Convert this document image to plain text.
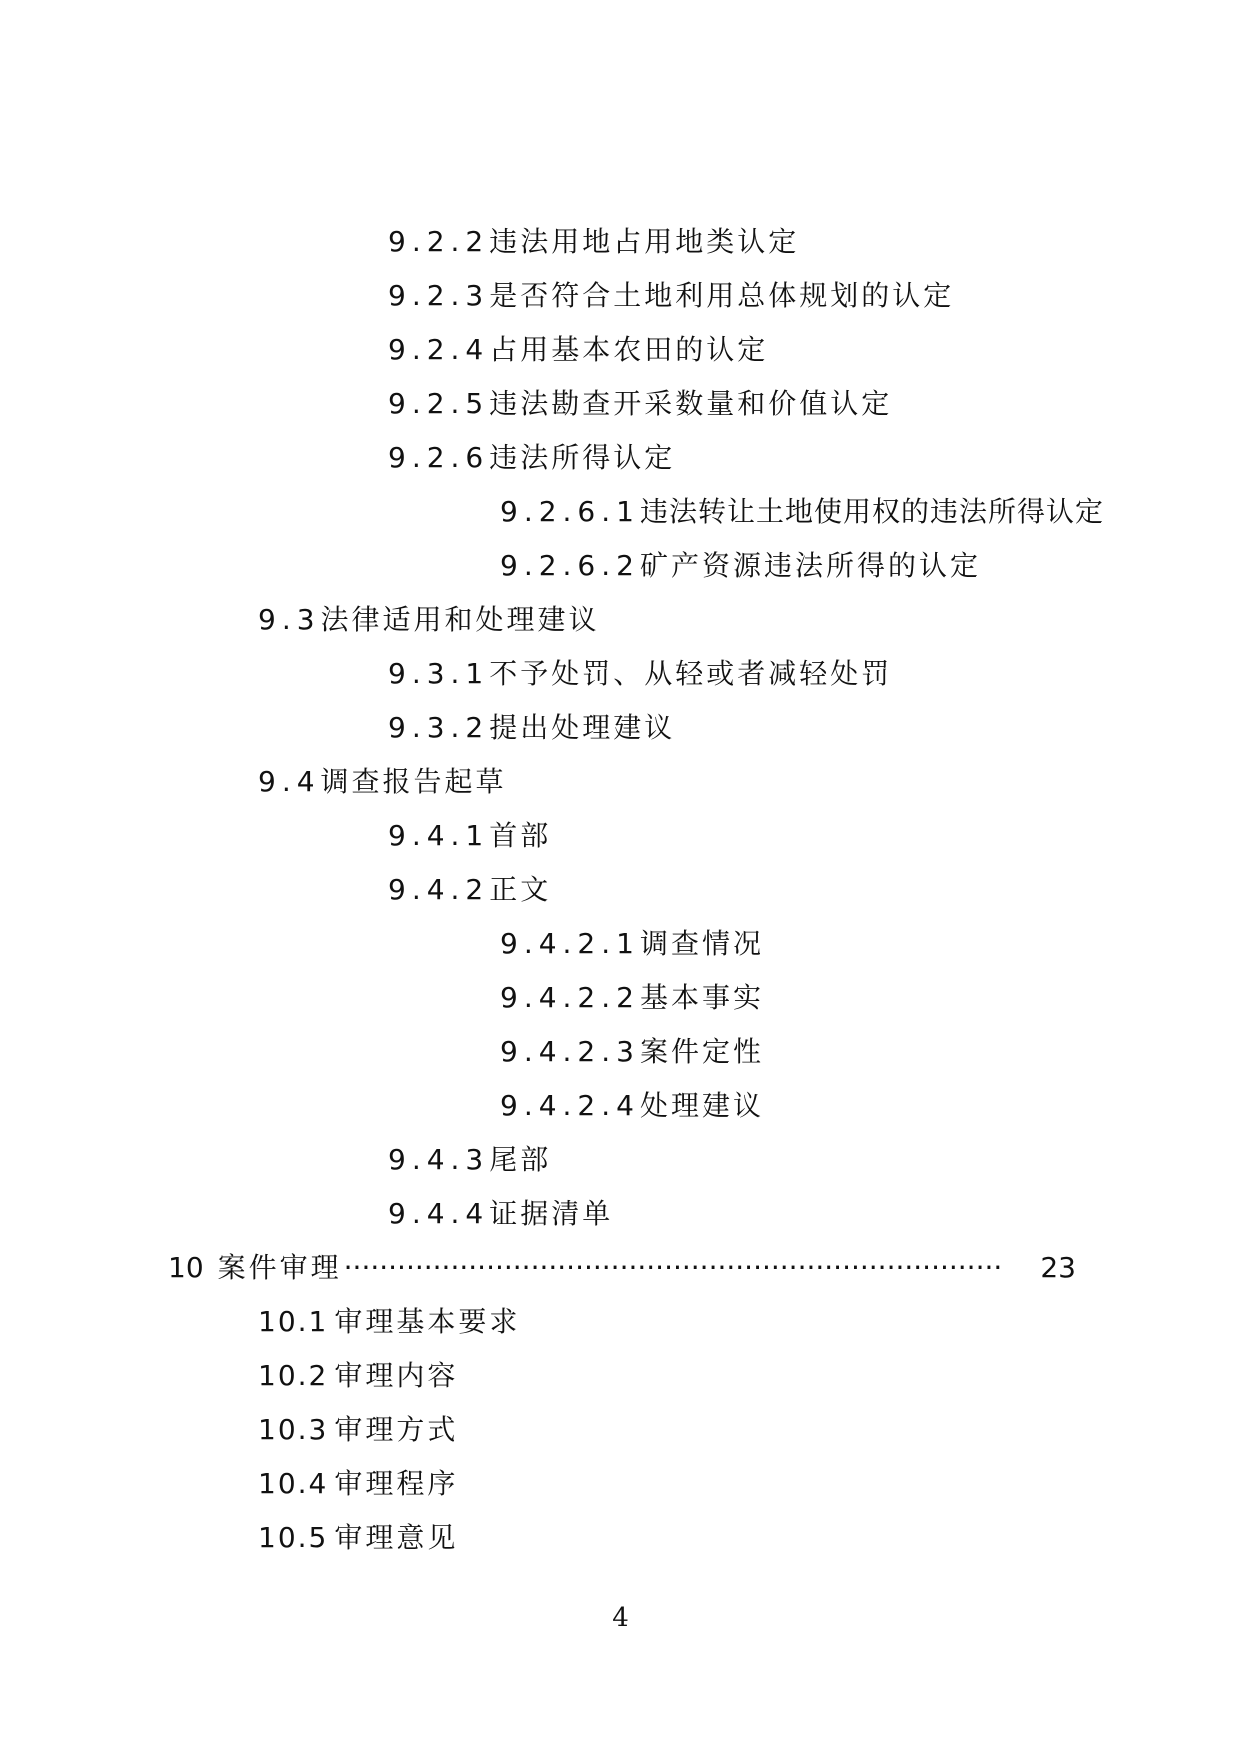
9.2.2违法用地占用地类认定
9.2.3是否符合土地利用总体规划的认定
9.2.4占用基本农田的认定
9.2.5违法勘查开采数量和价值认定
9.2.6违法所得认定
9.2.6.1违法转让土地使用权的违法所得认定
9.2.6.2矿产资源违法所得的认定
9.3法律适用和处理建议
9.3.1不予处罚、从轻或者减轻处罚
9.3.2提出处理建议
9.4调查报告起草
9.4.1首部
9.4.2正文
9.4.2.1调查情况
9.4.2.2基本事实
9.4.2.3案件定性
9.4.2.4处理建议
9.4.3尾部
9.4.4证据清单
10 案件审理 ··········································································	23
10.1 审理基本要求
10.2 审理内容
10.3 审理方式
10.4 审理程序
10.5 审理意见
4
